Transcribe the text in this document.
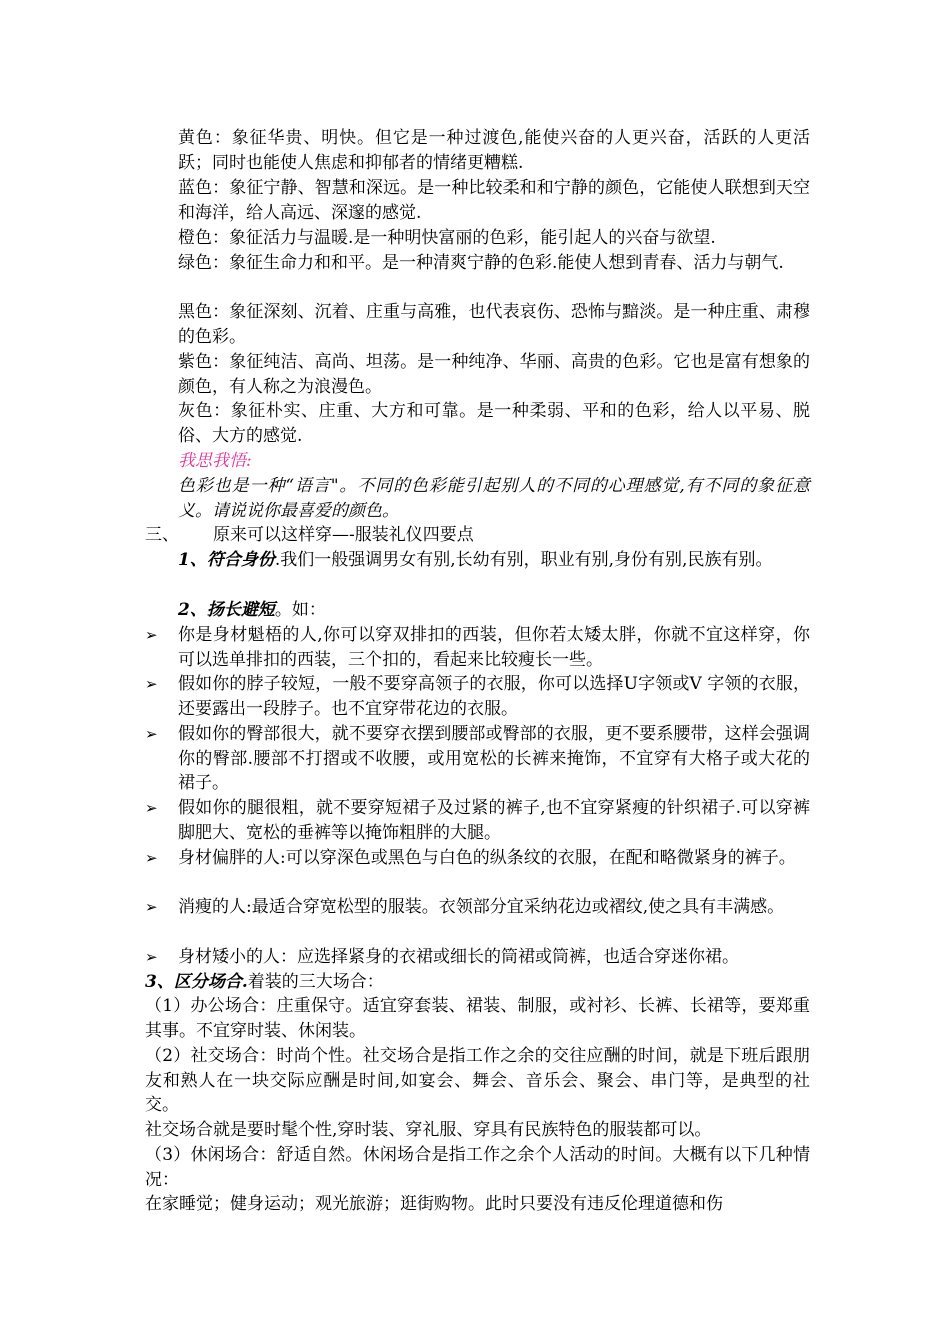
黄色：象征华贵、明快。但它是一种过渡色,能使兴奋的人更兴奋，活跃的人更活跃；同时也能使人焦虑和抑郁者的情绪更糟糕.

蓝色：象征宁静、智慧和深远。是一种比较柔和和宁静的颜色，它能使人联想到天空和海洋，给人高远、深邃的感觉.

橙色：象征活力与温暖.是一种明快富丽的色彩，能引起人的兴奋与欲望.

绿色：象征生命力和和平。是一种清爽宁静的色彩.能使人想到青春、活力与朝气.

黑色：象征深刻、沉着、庄重与高雅，也代表哀伤、恐怖与黯淡。是一种庄重、肃穆的色彩。

紫色：象征纯洁、高尚、坦荡。是一种纯净、华丽、高贵的色彩。它也是富有想象的颜色，有人称之为浪漫色。

灰色：象征朴实、庄重、大方和可靠。是一种柔弱、平和的色彩，给人以平易、脱俗、大方的感觉.

我思我悟:

色彩也是一种“语言"。不同的色彩能引起别人的不同的心理感觉,有不同的象征意义。请说说你最喜爱的颜色。

三、 原来可以这样穿—-服装礼仪四要点

1、符合身份.我们一般强调男女有别,长幼有别，职业有别,身份有别,民族有别。

2、扬长避短。如：

➢	你是身材魁梧的人,你可以穿双排扣的西装，但你若太矮太胖，你就不宜这样穿，你可以选单排扣的西装，三个扣的，看起来比较瘦长一些。
➢	假如你的脖子较短，一般不要穿高领子的衣服，你可以选择U字领或V 字领的衣服，还要露出一段脖子。也不宜穿带花边的衣服。
➢	假如你的臀部很大，就不要穿衣摆到腰部或臀部的衣服，更不要系腰带，这样会强调你的臀部.腰部不打摺或不收腰，或用宽松的长裤来掩饰，不宜穿有大格子或大花的裙子。
➢	假如你的腿很粗，就不要穿短裙子及过紧的裤子,也不宜穿紧瘦的针织裙子.可以穿裤脚肥大、宽松的垂裤等以掩饰粗胖的大腿。
➢	身材偏胖的人:可以穿深色或黑色与白色的纵条纹的衣服，在配和略微紧身的裤子。
➢	消瘦的人:最适合穿宽松型的服装。衣领部分宜采纳花边或褶纹,使之具有丰满感。
➢	身材矮小的人：应选择紧身的衣裙或细长的筒裙或筒裤，也适合穿迷你裙。

3、区分场合.着装的三大场合：

（1）办公场合：庄重保守。适宜穿套装、裙装、制服，或衬衫、长裤、长裙等，要郑重其事。不宜穿时装、休闲装。

（2）社交场合：时尚个性。社交场合是指工作之余的交往应酬的时间，就是下班后跟朋友和熟人在一块交际应酬是时间,如宴会、舞会、音乐会、聚会、串门等，是典型的社交。

社交场合就是要时髦个性,穿时装、穿礼服、穿具有民族特色的服装都可以。

（3）休闲场合：舒适自然。休闲场合是指工作之余个人活动的时间。大概有以下几种情况：

在家睡觉；健身运动；观光旅游；逛街购物。此时只要没有违反伦理道德和伤
